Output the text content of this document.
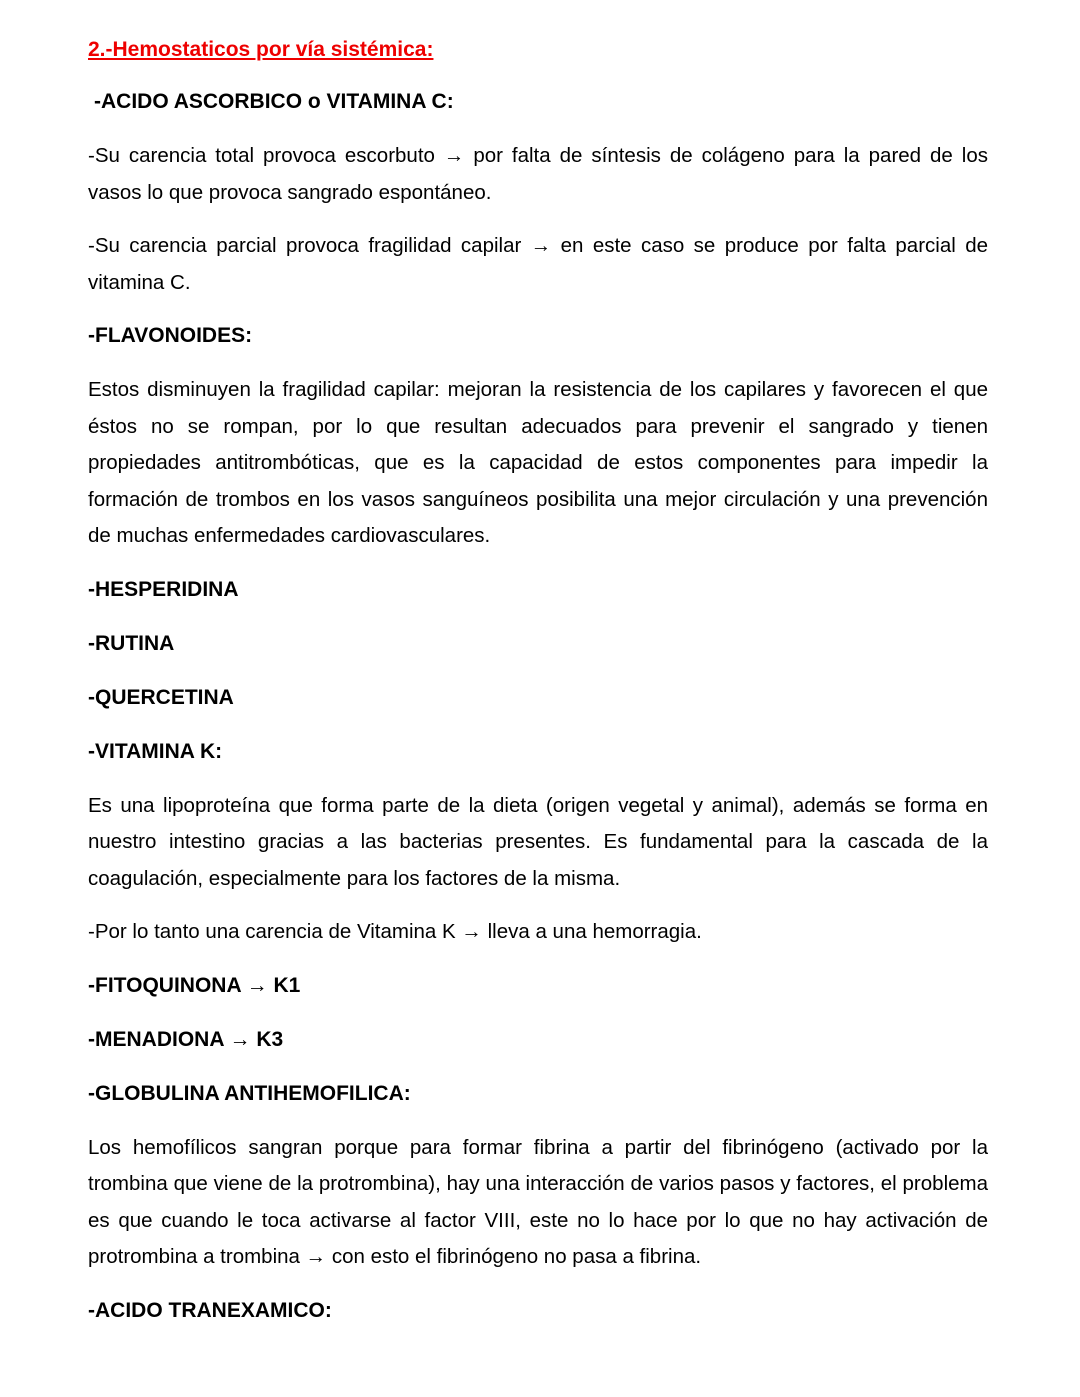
2.-Hemostaticos por vía sistémica:
-ACIDO ASCORBICO o VITAMINA C:

-Su carencia total provoca escorbuto → por falta de síntesis de colágeno para la pared de los vasos lo que provoca sangrado espontáneo.

-Su carencia parcial provoca fragilidad capilar → en este caso se produce por falta parcial de vitamina C.

-FLAVONOIDES:

Estos disminuyen la fragilidad capilar: mejoran la resistencia de los capilares y favorecen el que éstos no se rompan, por lo que resultan adecuados para prevenir el sangrado y tienen propiedades antitrombóticas, que es la capacidad de estos componentes para impedir la formación de trombos en los vasos sanguíneos posibilita una mejor circulación y una prevención de muchas enfermedades cardiovasculares.

-HESPERIDINA
-RUTINA
-QUERCETINA
-VITAMINA K:

Es una lipoproteína que forma parte de la dieta (origen vegetal y animal), además se forma en nuestro intestino gracias a las bacterias presentes. Es fundamental para la cascada de la coagulación, especialmente para los factores de la misma.

-Por lo tanto una carencia de Vitamina K → lleva a una hemorragia.

-FITOQUINONA → K1
-MENADIONA → K3
-GLOBULINA ANTIHEMOFILICA:

Los hemofílicos sangran porque para formar fibrina a partir del fibrinógeno (activado por la trombina que viene de la protrombina), hay una interacción de varios pasos y factores, el problema es que cuando le toca activarse al factor VIII, este no lo hace por lo que no hay activación de protrombina a trombina → con esto el fibrinógeno no pasa a fibrina.

-ACIDO TRANEXAMICO:
